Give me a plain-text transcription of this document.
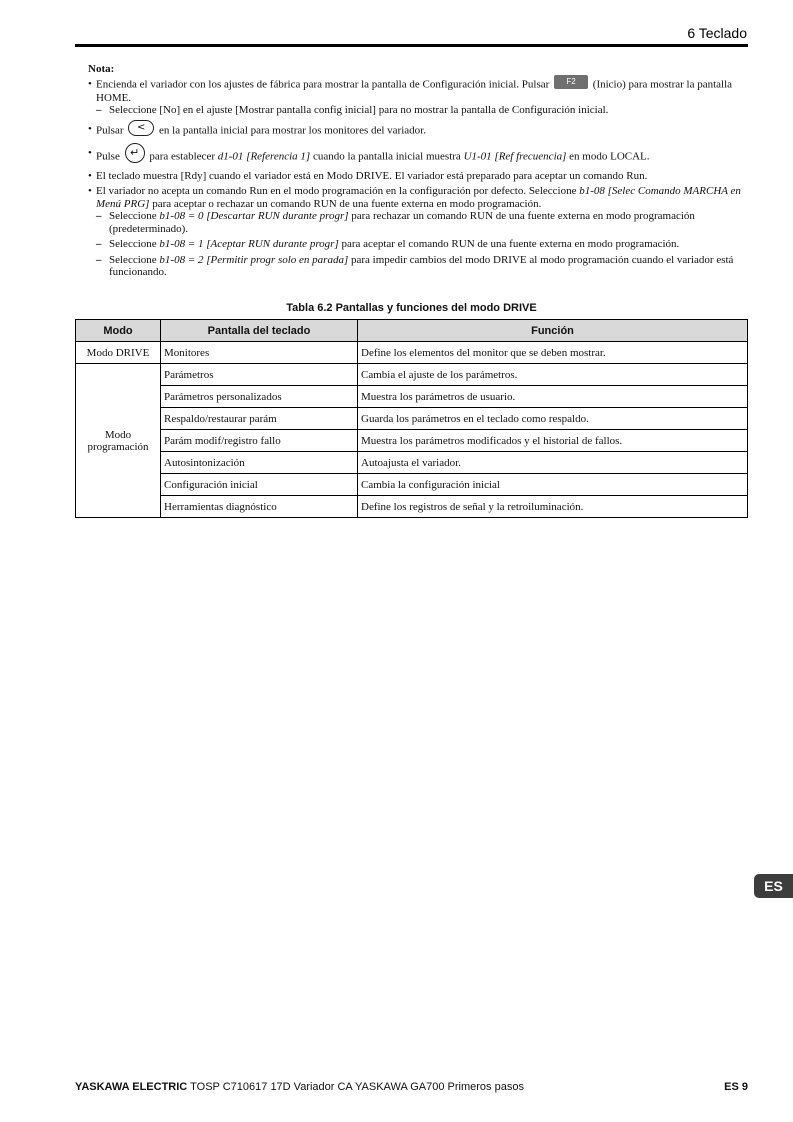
6 Teclado
Nota:
• Encienda el variador con los ajustes de fábrica para mostrar la pantalla de Configuración inicial. Pulsar F2 (Inicio) para mostrar la pantalla HOME.
– Seleccione [No] en el ajuste [Mostrar pantalla config inicial] para no mostrar la pantalla de Configuración inicial.
• Pulsar < en la pantalla inicial para mostrar los monitores del variador.
• Pulse ↵ para establecer d1-01 [Referencia 1] cuando la pantalla inicial muestra U1-01 [Ref frecuencia] en modo LOCAL.
• El teclado muestra [Rdy] cuando el variador está en Modo DRIVE. El variador está preparado para aceptar un comando Run.
• El variador no acepta un comando Run en el modo programación en la configuración por defecto. Seleccione b1-08 [Selec Comando MARCHA en Menú PRG] para aceptar o rechazar un comando RUN de una fuente externa en modo programación.
– Seleccione b1-08 = 0 [Descartar RUN durante progr] para rechazar un comando RUN de una fuente externa en modo programación (predeterminado).
– Seleccione b1-08 = 1 [Aceptar RUN durante progr] para aceptar el comando RUN de una fuente externa en modo programación.
– Seleccione b1-08 = 2 [Permitir progr solo en parada] para impedir cambios del modo DRIVE al modo programación cuando el variador está funcionando.
Tabla 6.2 Pantallas y funciones del modo DRIVE
Modo	Pantalla del teclado	Función
Modo DRIVE	Monitores	Define los elementos del monitor que se deben mostrar.
Modo programación	Parámetros	Cambia el ajuste de los parámetros.
	Parámetros personalizados	Muestra los parámetros de usuario.
	Respaldo/restaurar parám	Guarda los parámetros en el teclado como respaldo.
	Parám modif/registro fallo	Muestra los parámetros modificados y el historial de fallos.
	Autosintonización	Autoajusta el variador.
	Configuración inicial	Cambia la configuración inicial
	Herramientas diagnóstico	Define los registros de señal y la retroiluminación.
ES
YASKAWA ELECTRIC TOSP C710617 17D Variador CA YASKAWA GA700 Primeros pasos	ES 9
